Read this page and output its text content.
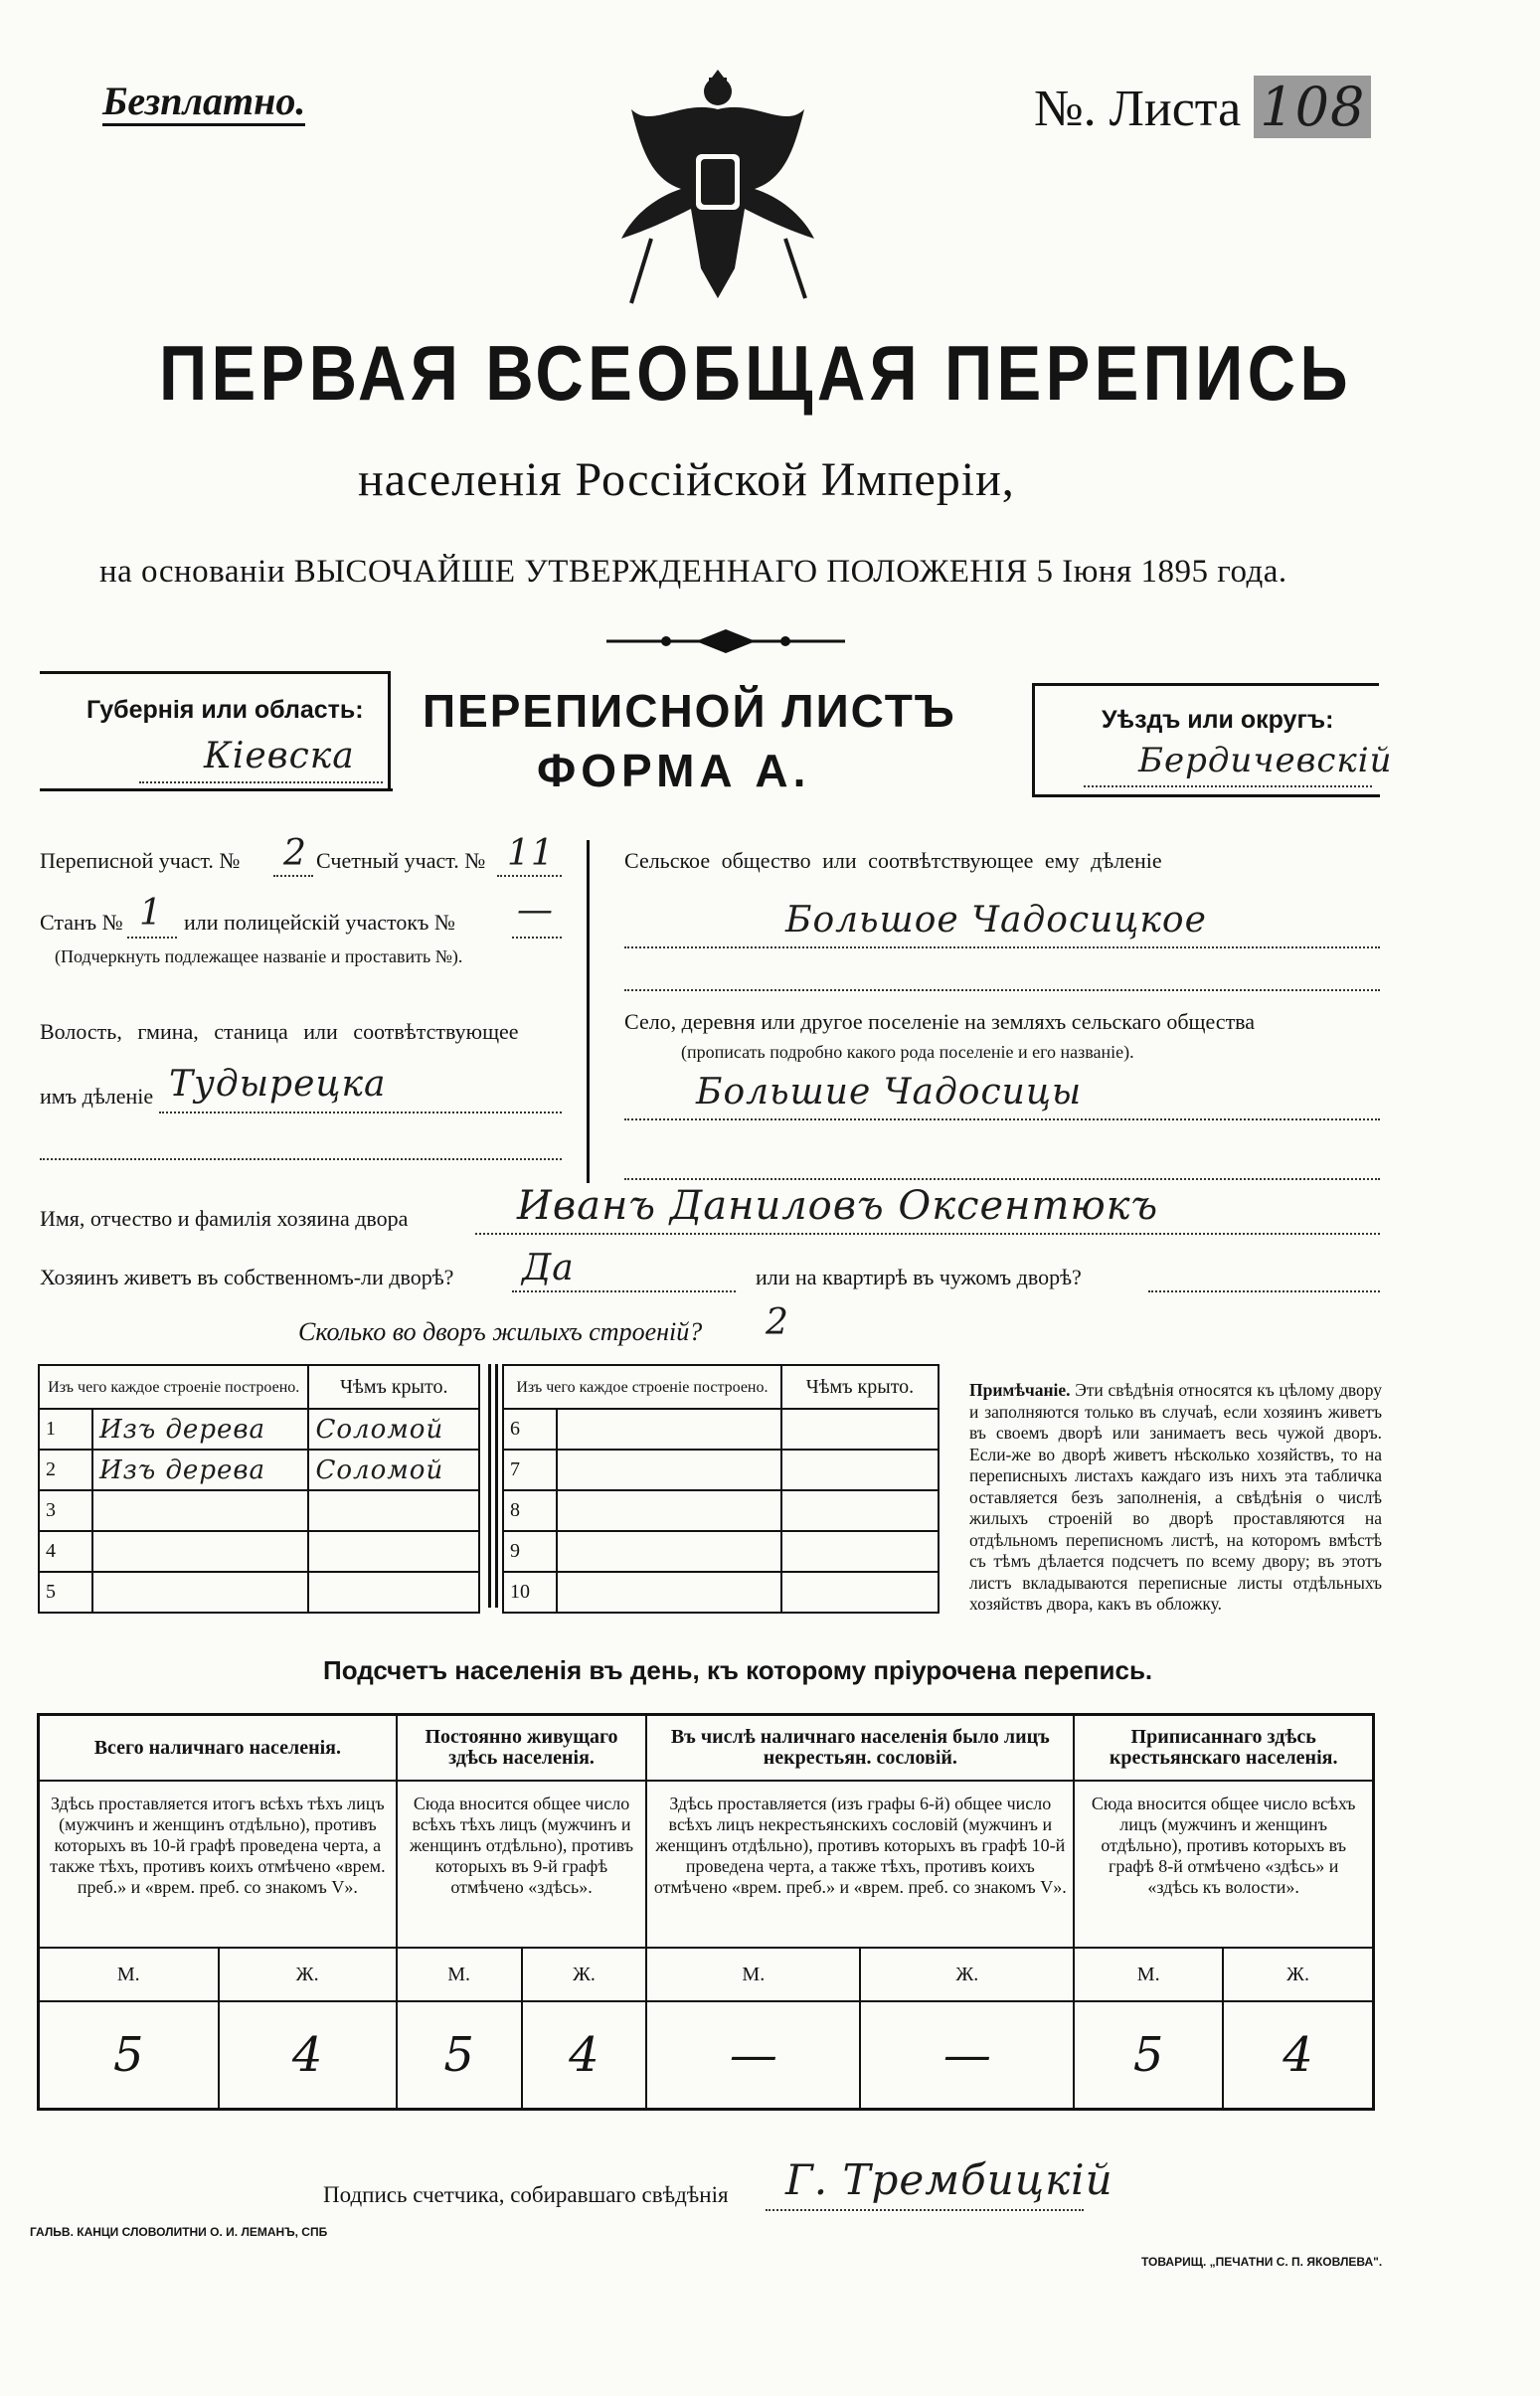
Безплатно.	№. Листа 108
ПЕРВАЯ ВСЕОБЩАЯ ПЕРЕПИСЬ
населенія Россійской Имперіи,
на основаніи ВЫСОЧАЙШЕ УТВЕРЖДЕННАГО ПОЛОЖЕНІЯ 5 Іюня 1895 года.
Губернія или область:
Кіевска
ПЕРЕПИСНОЙ ЛИСТЪ
ФОРМА А.
Уѣздъ или округъ:
Бердичевскій
Переписной участ. № 2 Счетный участ. № 11
Станъ № 1 или полицейскій участокъ № —
(Подчеркнуть подлежащее названіе и проставить №).
Волость, гмина, станица или соотвѣтствующее
имъ дѣленіе Тудырецка
Сельское общество или соотвѣтствующее ему дѣленіе
Большое Чадосицкое
Село, деревня или другое поселеніе на земляхъ сельскаго общества
(прописать подробно какого рода поселеніе и его названіе).
Большие Чадосицы
Имя, отчество и фамилія хозяина двора	Иванъ Даниловъ Оксентюкъ
Хозяинъ живетъ въ собственномъ-ли дворѣ? Да	или на квартирѣ въ чужомъ дворѣ?
Сколько во дворъ жилыхъ строеній? 2
Изъ чего каждое строеніе построено.		Чѣмъ крыто.
1	Изъ дерева	Соломой
2	Изъ дерева	Соломой
3		
4		
5		
Изъ чего каждое строеніе построено.		Чѣмъ крыто.
6		
7		
8		
9		
10		
Примѣчаніе. Эти свѣдѣнія относятся къ цѣлому двору и заполняются только въ случаѣ, если хозяинъ живетъ въ своемъ дворѣ или занимаетъ весь чужой дворъ. Если-же во дворѣ живетъ нѣсколько хозяйствъ, то на переписныхъ листахъ каждаго изъ нихъ эта табличка оставляется безъ заполненія, а свѣдѣнія о числѣ жилыхъ строеній во дворѣ проставляются на отдѣльномъ переписномъ листѣ, на которомъ вмѣстѣ съ тѣмъ дѣлается подсчетъ по всему двору; въ этотъ листъ вкладываются переписные листы отдѣльныхъ хозяйствъ двора, какъ въ обложку.
Подсчетъ населенія въ день, къ которому пріурочена перепись.
Всего наличнаго населенія.		Постоянно живущаго здѣсь населенія.		Въ числѣ наличнаго населенія было лицъ некрестьян. сословій.		Приписаннаго здѣсь крестьянскаго населенія.	
Здѣсь проставляется итогъ всѣхъ тѣхъ лицъ (мужчинъ и женщинъ отдѣльно), противъ которыхъ въ 10-й графѣ проведена черта, а также тѣхъ, противъ коихъ отмѣчено «врем. преб.» и «врем. преб. со знакомъ V».		Сюда вносится общее число всѣхъ тѣхъ лицъ (мужчинъ и женщинъ отдѣльно), противъ которыхъ въ 9-й графѣ отмѣчено «здѣсь».		Здѣсь проставляется (изъ графы 6-й) общее число всѣхъ лицъ некрестьянскихъ сословій (мужчинъ и женщинъ отдѣльно), противъ которыхъ въ графѣ 10-й проведена черта, а также тѣхъ, противъ коихъ отмѣчено «врем. преб.» и «врем. преб. со знакомъ V».		Сюда вносится общее число всѣхъ лицъ (мужчинъ и женщинъ отдѣльно), противъ которыхъ въ графѣ 8-й отмѣчено «здѣсь» и «здѣсь къ волости».	
М.	Ж.	М.	Ж.	М.	Ж.	М.	Ж.
5	4	5	4	—	—	5	4
Подпись счетчика, собиравшаго свѣдѣнія Г. Трембицкій
ГАЛЬВ. КАНЦИ СЛОВОЛИТНИ О. И. ЛЕМАНЪ, СПБ
ТОВАРИЩ. „ПЕЧАТНИ С. П. ЯКОВЛЕВА".
